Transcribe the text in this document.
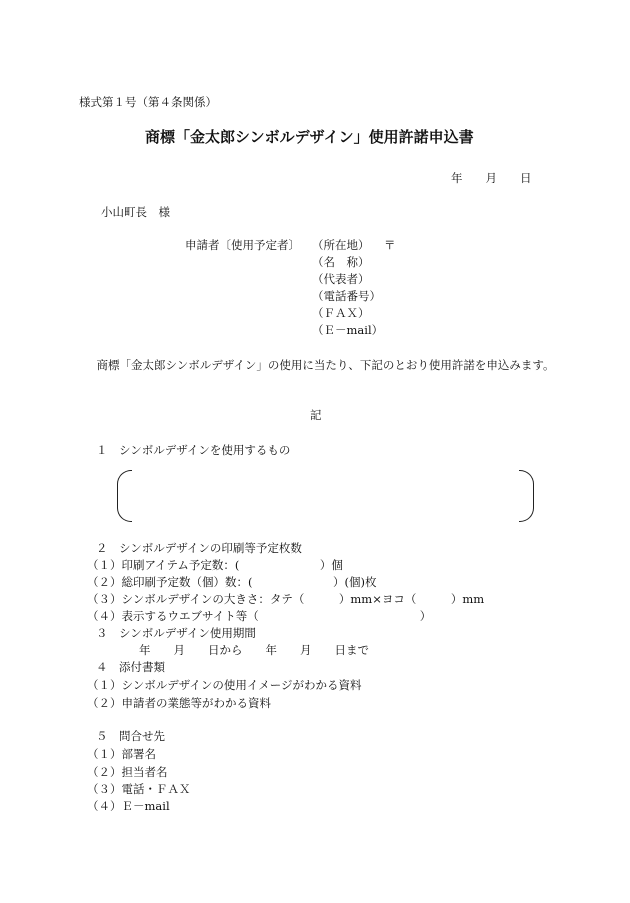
様式第１号（第４条関係）
商標「金太郎シンボルデザイン」使用許諾申込書
年　　月　　日
小山町長　様
申請者〔使用予定者〕 （所在地） 〒
（名　称）
（代表者）
（電話番号）
（ＦＡＸ）
（Ｅ－mail）
　商標「金太郎シンボルデザイン」の使用に当たり、下記のとおり使用許諾を申込みます。
記
１　シンボルデザインを使用するもの
２　シンボルデザインの印刷等予定枚数
（１）印刷アイテム予定数：(　　　　　　　）個
（２）総印刷予定数（個）数：(　　　　　　　）(個)枚
（３）シンボルデザインの大きさ：タテ（　　　）mm×ヨコ（　　　）mm
（４）表示するウエブサイト等（　　　　　　　　　　　　　　）
３　シンボルデザイン使用期間
年　　月　　日から　　年　　月　　日まで
４　添付書類
（１）シンボルデザインの使用イメージがわかる資料
（２）申請者の業態等がわかる資料
５　問合せ先
（１）部署名
（２）担当者名
（３）電話・ＦＡＸ
（４）Ｅ－mail
